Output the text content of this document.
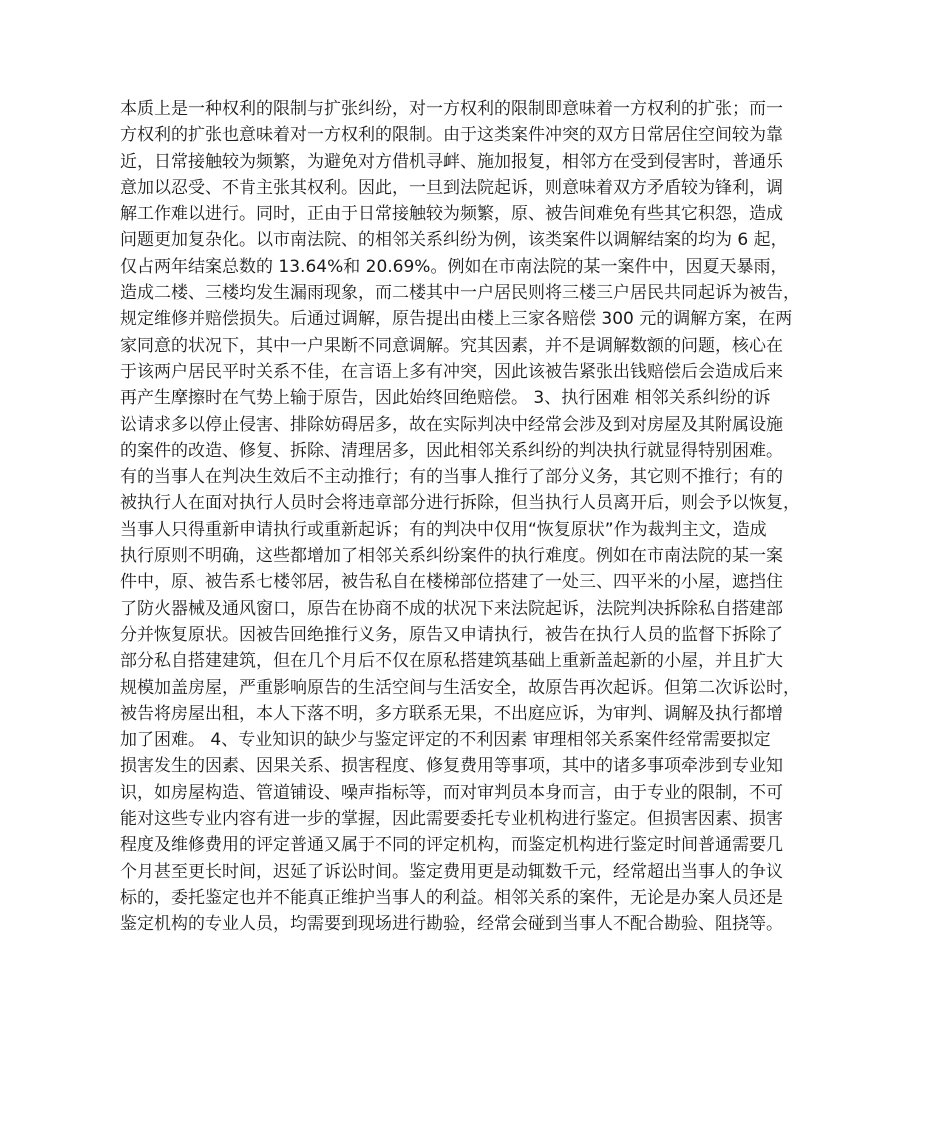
本质上是一种权利的限制与扩张纠纷，对一方权利的限制即意味着一方权利的扩张；而一
方权利的扩张也意味着对一方权利的限制。由于这类案件冲突的双方日常居住空间较为靠
近，日常接触较为频繁，为避免对方借机寻衅、施加报复，相邻方在受到侵害时，普通乐
意加以忍受、不肯主张其权利。因此，一旦到法院起诉，则意味着双方矛盾较为锋利，调
解工作难以进行。同时，正由于日常接触较为频繁，原、被告间难免有些其它积怨，造成
问题更加复杂化。以市南法院、的相邻关系纠纷为例，该类案件以调解结案的均为 6 起，
仅占两年结案总数的 13.64%和 20.69%。例如在市南法院的某一案件中，因夏天暴雨，
造成二楼、三楼均发生漏雨现象，而二楼其中一户居民则将三楼三户居民共同起诉为被告，
规定维修并赔偿损失。后通过调解，原告提出由楼上三家各赔偿 300 元的调解方案，在两
家同意的状况下，其中一户果断不同意调解。究其因素，并不是调解数额的问题，核心在
于该两户居民平时关系不佳，在言语上多有冲突，因此该被告紧张出钱赔偿后会造成后来
再产生摩擦时在气势上输于原告，因此始终回绝赔偿。 3、执行困难 相邻关系纠纷的诉
讼请求多以停止侵害、排除妨碍居多，故在实际判决中经常会涉及到对房屋及其附属设施
的案件的改造、修复、拆除、清理居多，因此相邻关系纠纷的判决执行就显得特别困难。
有的当事人在判决生效后不主动推行；有的当事人推行了部分义务，其它则不推行；有的
被执行人在面对执行人员时会将违章部分进行拆除，但当执行人员离开后，则会予以恢复，
当事人只得重新申请执行或重新起诉；有的判决中仅用“恢复原状”作为裁判主文，造成
执行原则不明确，这些都增加了相邻关系纠纷案件的执行难度。例如在市南法院的某一案
件中，原、被告系七楼邻居，被告私自在楼梯部位搭建了一处三、四平米的小屋，遮挡住
了防火器械及通风窗口，原告在协商不成的状况下来法院起诉，法院判决拆除私自搭建部
分并恢复原状。因被告回绝推行义务，原告又申请执行，被告在执行人员的监督下拆除了
部分私自搭建建筑，但在几个月后不仅在原私搭建筑基础上重新盖起新的小屋，并且扩大
规模加盖房屋，严重影响原告的生活空间与生活安全，故原告再次起诉。但第二次诉讼时，
被告将房屋出租，本人下落不明，多方联系无果，不出庭应诉，为审判、调解及执行都增
加了困难。 4、专业知识的缺少与鉴定评定的不利因素 审理相邻关系案件经常需要拟定
损害发生的因素、因果关系、损害程度、修复费用等事项，其中的诸多事项牵涉到专业知
识，如房屋构造、管道铺设、噪声指标等，而对审判员本身而言，由于专业的限制，不可
能对这些专业内容有进一步的掌握，因此需要委托专业机构进行鉴定。但损害因素、损害
程度及维修费用的评定普通又属于不同的评定机构，而鉴定机构进行鉴定时间普通需要几
个月甚至更长时间，迟延了诉讼时间。鉴定费用更是动辄数千元，经常超出当事人的争议
标的，委托鉴定也并不能真正维护当事人的利益。相邻关系的案件，无论是办案人员还是
鉴定机构的专业人员，均需要到现场进行勘验，经常会碰到当事人不配合勘验、阻挠等。
